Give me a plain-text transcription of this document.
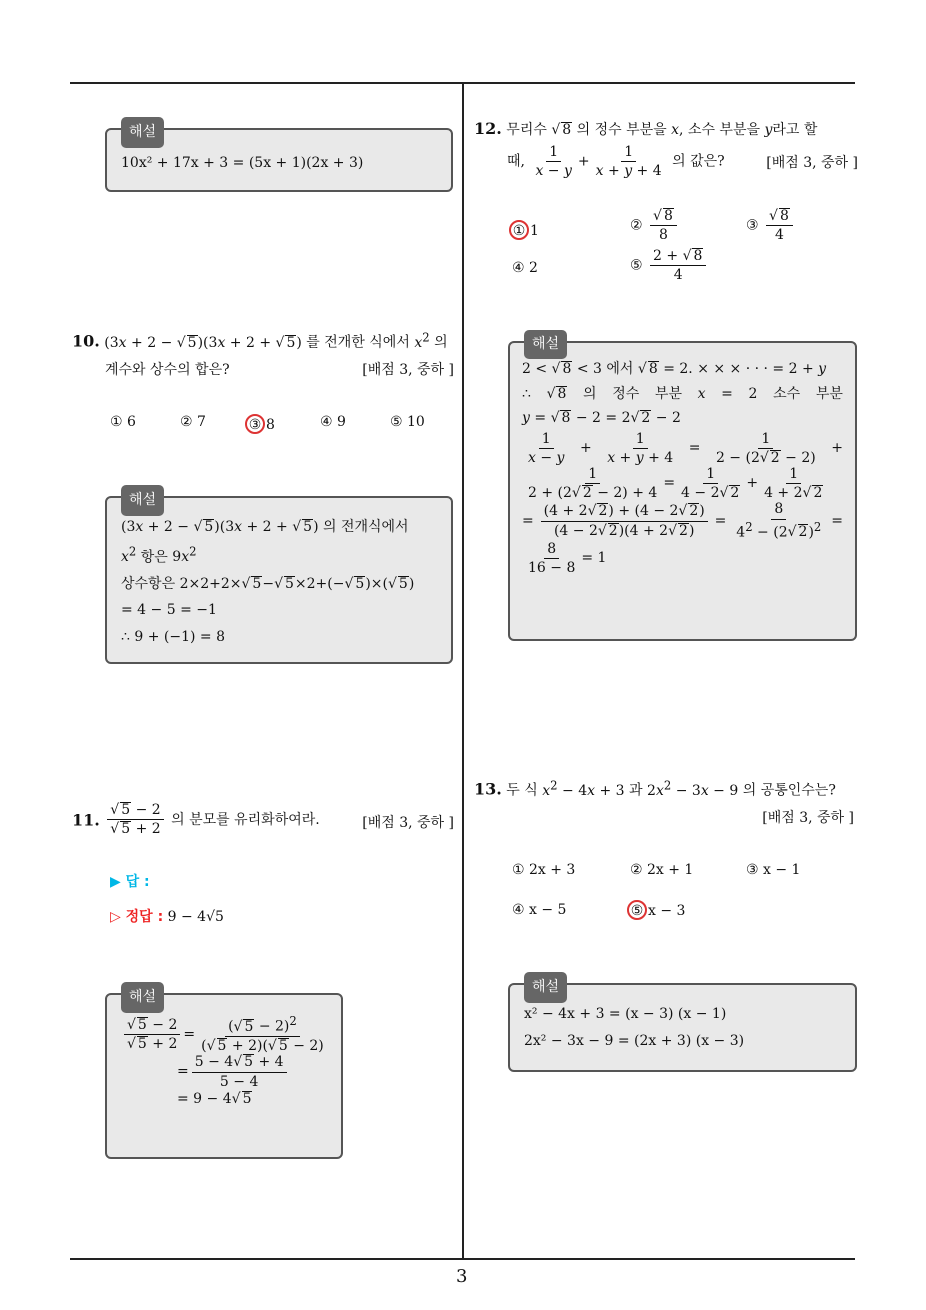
3
해설
10x² + 17x + 3 = (5x + 1)(2x + 3)
10. (3x + 2 − √ 5)(3x + 2 + √ 5) 를 전개한 식에서 $x^2$ 의
계수와 상수의 합은?	[배점 3, 중하 ]
① 6	② 7	③ 8	④ 9	⑤ 10
해설
(3x + 2 − √ 5)(3x + 2 + √ 5) 의 전개식에서
$x^2$ 항은 $9x^2$
상수항은 2×2+2× √ 5− √ 5×2+(− √ 5)×( √ 5)
= 4 − 5 = −1
∴ 9 + (−1) = 8
11. √ 5 − 2
√ 5 + 2 의 분모를 유리화하여라.	[배점 3, 중하 ]
▶ 답 :
▷ 정답 : 9 − 4√5
해설
√ 5 − 2
√ $5 + 2 = \frac{( √ 5 - 2)^2}{( √ 5 + 2)( √ 5 - 2)}$
= $\frac{5 - 4 √ 5 + 4}{5 - 4}$
= 9 − 4 √ 5
12. 무리수 √ 8 의 정수 부분을 x, 소수 부분을 y라고 할
때, $\frac{1}{x - y} + \frac{1}{x + y + 4}$ 의 값은?	[배점 3, 중하 ]
① 1	② √ $\frac{8}{8}$	③ √ $\frac{8}{4}$
④ 2	⑤ $\frac{2 + √ 8}{4}$
해설
2 < √ 8 < 3 에서 √ 8 = 2. × × × · · · = 2 + y
∴ √	8 의 정수 부분 x = 2 소수 부분
y = √ 8 − 2 = 2 √ 2 − 2
$\frac{1}{x - y} + \frac{1}{x + y + 4} = \frac{1}{2 - (2 √ 2 - 2)}$ +
$\frac{1}{2 + (2 √ 2 - 2) + 4} = \frac{1}{4 - 2 √ 2} + \frac{1}{4 + 2 √ 2}$
= $\frac{(4 + 2 √ 2) + (4 - 2 √ 2)}{(4 - 2 √ 2)(4 + 2 √ 2)} = \frac{8}{4^2 - (2 √ 2)^2}$ =
$\frac{8}{16 - 8} = 1$
13. 두 식 $x^2 - 4x + 3$ 과 $2x^2 - 3x - 9$ 의 공통인수는?
[배점 3, 중하 ]
① 2x + 3	② 2x + 1	③ x − 1
④ x − 5	⑤ x − 3
해설
x² − 4x + 3 = (x − 3) (x − 1)
2x² − 3x − 9 = (2x + 3) (x − 3)
